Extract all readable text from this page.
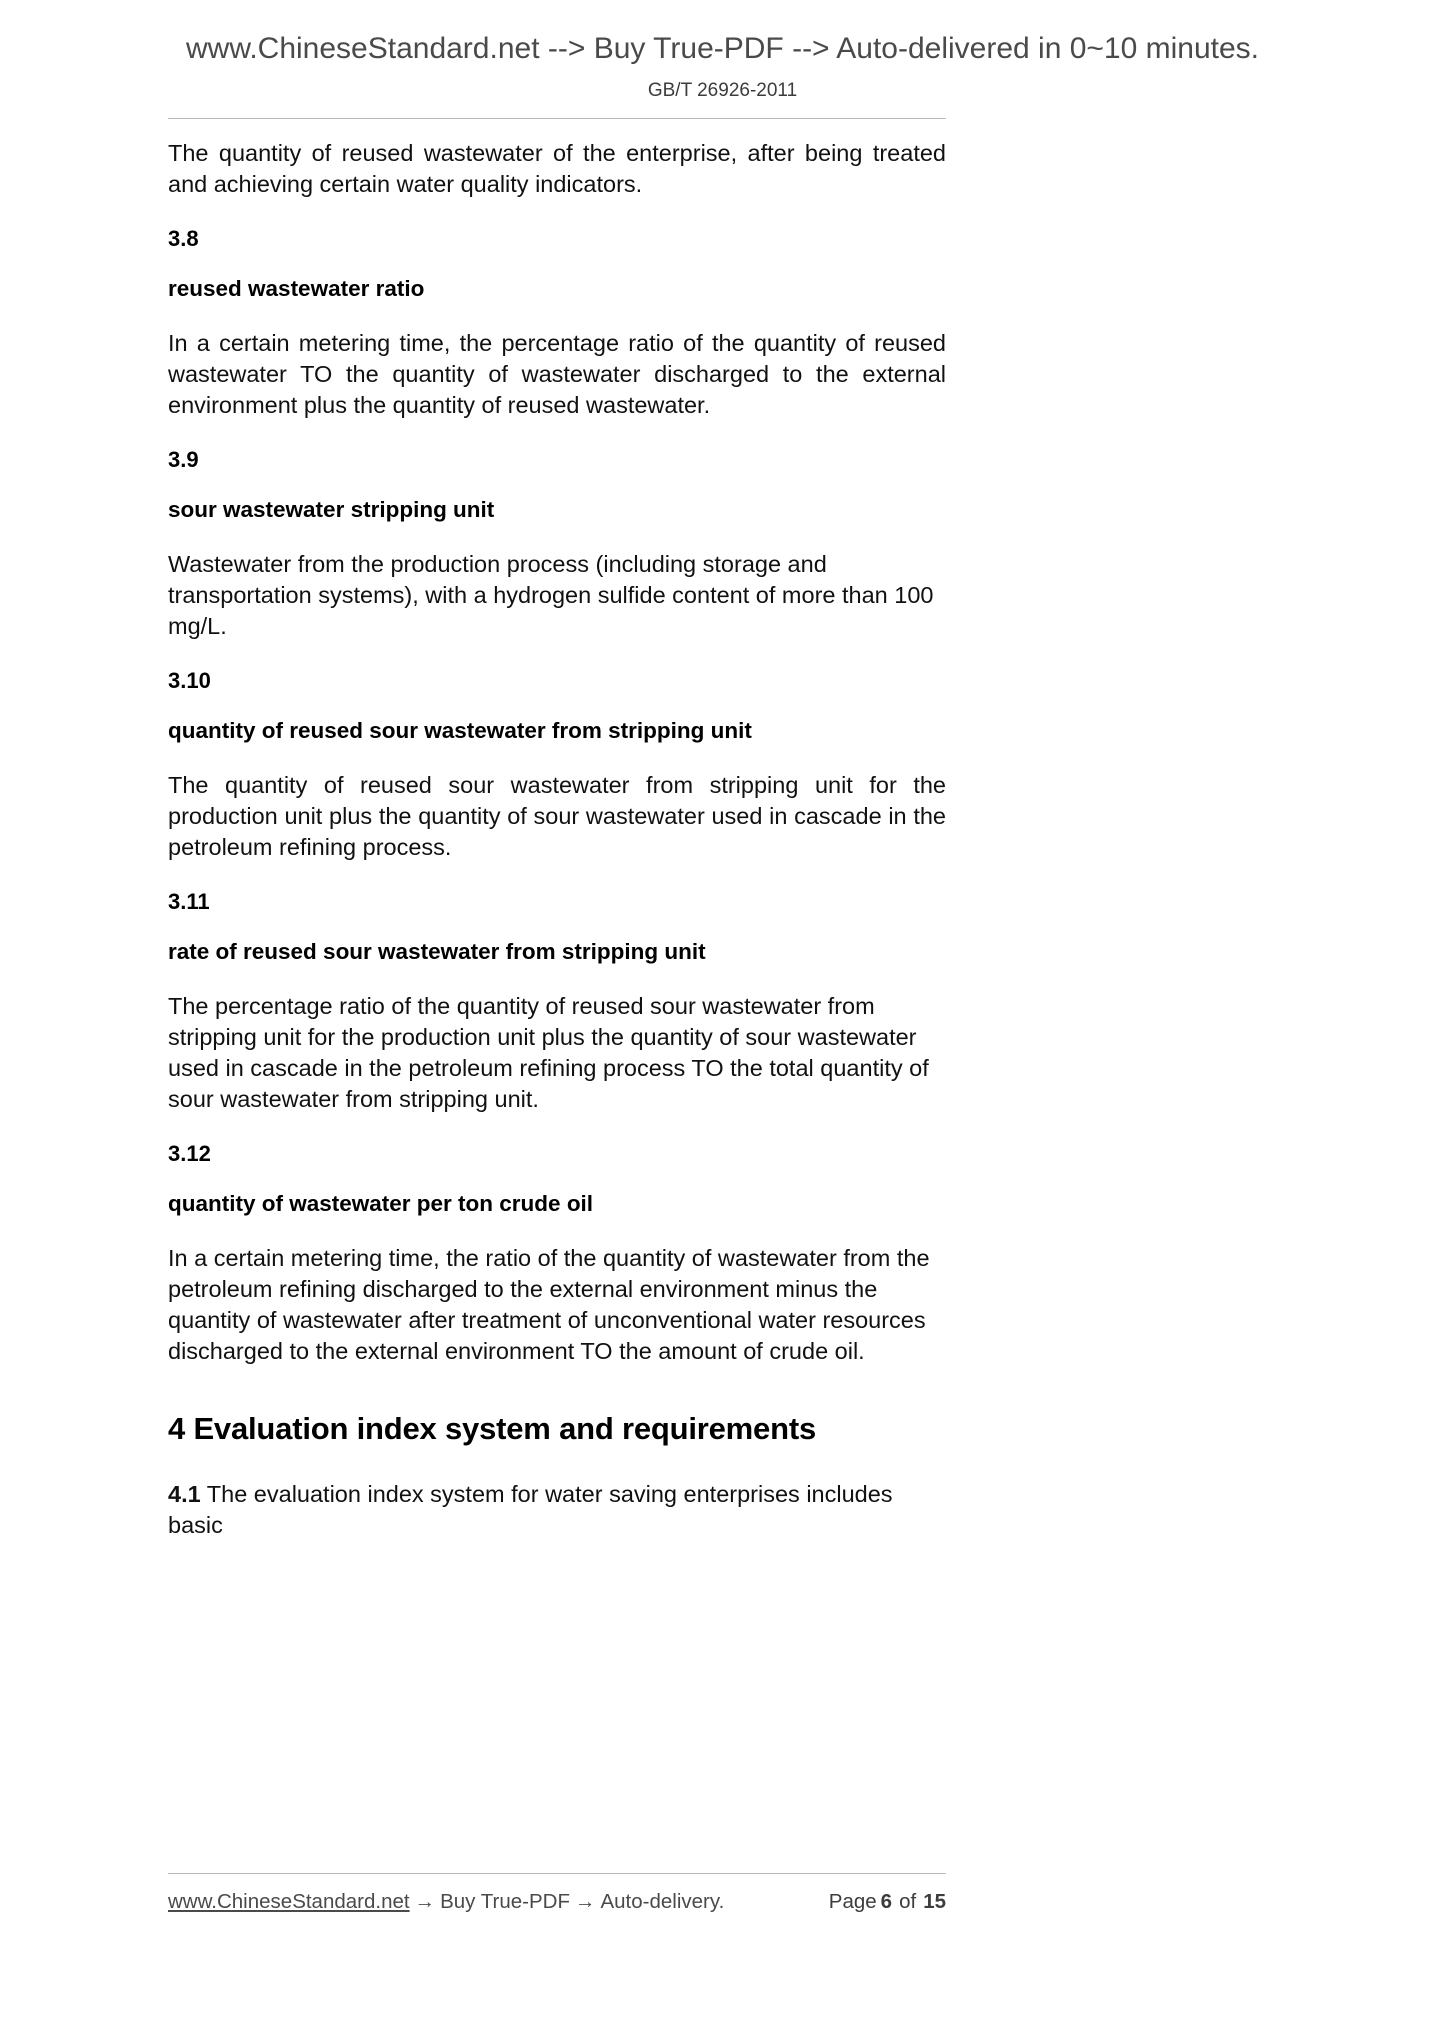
www.ChineseStandard.net --> Buy True-PDF --> Auto-delivered in 0~10 minutes.
GB/T 26926-2011

The quantity of reused wastewater of the enterprise, after being treated and achieving certain water quality indicators.

3.8

reused wastewater ratio

In a certain metering time, the percentage ratio of the quantity of reused wastewater TO the quantity of wastewater discharged to the external environment plus the quantity of reused wastewater.

3.9

sour wastewater stripping unit

Wastewater from the production process (including storage and transportation systems), with a hydrogen sulfide content of more than 100 mg/L.

3.10

quantity of reused sour wastewater from stripping unit

The quantity of reused sour wastewater from stripping unit for the production unit plus the quantity of sour wastewater used in cascade in the petroleum refining process.

3.11

rate of reused sour wastewater from stripping unit

The percentage ratio of the quantity of reused sour wastewater from stripping unit for the production unit plus the quantity of sour wastewater used in cascade in the petroleum refining process TO the total quantity of sour wastewater from stripping unit.

3.12

quantity of wastewater per ton crude oil

In a certain metering time, the ratio of the quantity of wastewater from the petroleum refining discharged to the external environment minus the quantity of wastewater after treatment of unconventional water resources discharged to the external environment TO the amount of crude oil.

4 Evaluation index system and requirements

4.1 The evaluation index system for water saving enterprises includes basic

www.ChineseStandard.net → Buy True-PDF → Auto-delivery.	Page 6 of 15
